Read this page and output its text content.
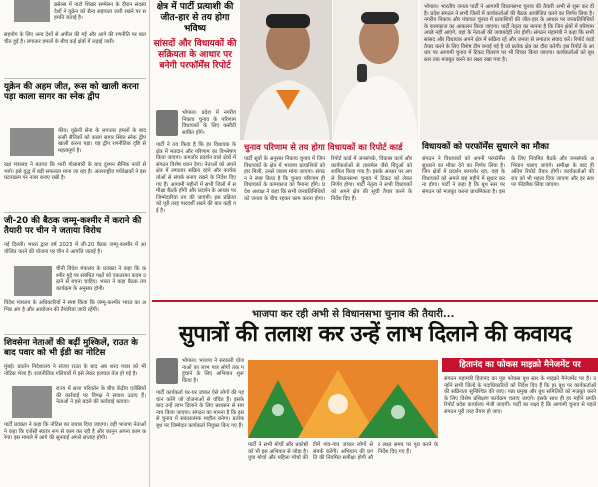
ब्रसेल्स में नाटो शिखर सम्मेलन के दौरान सदस्य देशों ने यूक्रेन को सैन्य सहायता जारी रखने पर सहमति जताई है।
सहयोग के लिए अन्य देशों से अपील की गई और आगे की रणनीति पर बातचीत हुई है। लगातार हमलों के बीच कई क्षेत्रों में लड़ाई जारी।
यूक्रेन की अहम जीत, रूस को खाली करना पड़ा काला सागर का स्नेक द्वीप
कीव। यूक्रेनी सेना के लगातार हमलों के बाद रूसी सैनिकों को काला सागर स्थित स्नेक द्वीप खाली करना पड़ा। यह द्वीप रणनीतिक दृष्टि से महत्वपूर्ण है।
रक्षा मंत्रालय ने बताया कि भारी गोलाबारी के बाद दुश्मन सैनिक नावों से भागे। इसे युद्ध में बड़ी सफलता माना जा रहा है। अंतरराष्ट्रीय पर्यवेक्षकों ने इस घटनाक्रम पर नजर बनाए रखी है।
जी-20 की बैठक जम्मू-कश्मीर में कराने की तैयारी पर चीन ने जताया विरोध
नई दिल्ली। भारत द्वारा वर्ष 2023 में जी-20 बैठक जम्मू-कश्मीर में आयोजित करने की योजना पर चीन ने आपत्ति जताई है।
चीनी विदेश मंत्रालय के प्रवक्ता ने कहा कि कश्मीर मुद्दे पर संबंधित पक्षों को एकतरफा कदम उठाने से बचना चाहिए। भारत ने कहा बैठक तय कार्यक्रम के अनुसार होगी।
विदेश मंत्रालय के अधिकारियों ने स्पष्ट किया कि जम्मू-कश्मीर भारत का अभिन्न अंग है और आयोजन की तैयारियां जारी रहेंगी।
शिवसेना नेताओं की बढ़ीं मुश्किलें, राउत के बाद पवार को भी ईडी का नोटिस
मुंबई। प्रवर्तन निदेशालय ने संजय राउत के बाद अब शरद पवार को भी नोटिस भेजा है। राजनीतिक गलियारों में इसे लेकर हलचल तेज हो गई है।
राज्य में सत्ता परिवर्तन के बीच केंद्रीय एजेंसियों की कार्रवाई पर विपक्ष ने सवाल उठाए हैं। नेताओं ने इसे बदले की कार्रवाई बताया।
पार्टी प्रवक्ता ने कहा कि नोटिस का जवाब दिया जाएगा। वहीं भाजपा नेताओं ने कहा कि एजेंसी स्वतंत्र रूप से काम कर रही है और कानून अपना काम करेगा। इस मामले में आगे की सुनवाई अगले सप्ताह होगी।
क्षेत्र में पार्टी प्रत्याशी की जीत-हार से तय होगा भविष्य
सांसदों और विधायकों की सक्रियता के आधार पर बनेगी परफॉर्मेंस रिपोर्ट
भोपाल। भारतीय जनता पार्टी ने आगामी विधानसभा चुनाव की तैयारी अभी से शुरू कर दी है। प्रदेश संगठन ने सभी जिलों में कार्यकर्ताओं की बैठक आयोजित करने का निर्णय लिया है। नगरीय निकाय और पंचायत चुनाव में प्रत्याशियों की जीत-हार के आधार पर जनप्रतिनिधियों के कामकाज का आकलन किया जाएगा। पार्टी नेतृत्व का मानना है कि जिन क्षेत्रों में परिणाम अच्छे नहीं आएंगे, वहां के नेताओं की जवाबदेही तय होगी। संगठन महामंत्री ने कहा कि सभी सांसद और विधायक अपने क्षेत्र में सक्रिय रहें और जनता से लगातार संवाद करें। रिपोर्ट कार्ड तैयार करने के लिए विशेष टीम बनाई गई है जो प्रत्येक क्षेत्र का दौरा करेगी। इस रिपोर्ट के आधार पर आगामी चुनाव में टिकट वितरण पर भी विचार किया जाएगा। कार्यकर्ताओं को बूथ स्तर तक मजबूत करने का लक्ष्य रखा गया है।
भोपाल। प्रदेश में नगरीय निकाय चुनाव के परिणाम विधायकों के लिए कसौटी साबित होंगे।
पार्टी ने तय किया है कि हर विधायक के क्षेत्र में मतदान और परिणाम का विश्लेषण किया जाएगा। कमजोर प्रदर्शन वाले क्षेत्रों में संगठन विशेष ध्यान देगा। नेताओं को अपने क्षेत्र में लगातार सक्रिय रहने और कार्यकर्ताओं से संपर्क बनाए रखने के निर्देश दिए गए हैं। आगामी महीनों में सभी जिलों में समीक्षा बैठकें होंगी और प्रदर्शन के आधार पर जिम्मेदारियां तय की जाएंगी। इस प्रक्रिया को पूरी तरह पारदर्शी रखने की बात कही गई है।
चुनाव परिणाम से तय होगा विधायकों का रिपोर्ट कार्ड
पार्टी सूत्रों के अनुसार निकाय चुनाव में जिन विधायकों के क्षेत्र में भाजपा प्रत्याशियों को हार मिली, उनसे जवाब मांगा जाएगा। संगठन ने स्पष्ट किया है कि चुनाव परिणाम ही विधायकों के कामकाज का पैमाना होंगे। प्रदेश अध्यक्ष ने कहा कि सभी जनप्रतिनिधियों को जनता के बीच रहकर काम करना होगा। रिपोर्ट कार्ड में जनसंपर्क, विकास कार्य और कार्यकर्ताओं से तालमेल जैसे बिंदुओं को शामिल किया गया है। इसके आधार पर अगले विधानसभा चुनाव में टिकट को लेकर निर्णय होगा। पार्टी नेतृत्व ने सभी विधायकों को अपने क्षेत्र की सूची तैयार करने के निर्देश दिए हैं।
विधायकों को परफॉर्मेंस सुधारने का मौका
संगठन ने विधायकों को अपनी परफॉर्मेंस सुधारने का मौका देने का निर्णय लिया है। जिन क्षेत्रों में प्रदर्शन कमजोर रहा, वहां के विधायकों को अगले छह महीने में सुधार करना होगा। पार्टी ने कहा है कि बूथ स्तर पर संगठन को मजबूत करना प्राथमिकता है। इसके लिए नियमित बैठकें और जनसंपर्क अभियान चलाए जाएंगे। समीक्षा के बाद ही अंतिम रिपोर्ट तैयार होगी। कार्यकर्ताओं की राय को भी महत्व दिया जाएगा और हर स्तर पर फीडबैक लिया जाएगा।
भाजपा कर रही अभी से विधानसभा चुनाव की तैयारी...
सुपात्रों की तलाश कर उन्हें लाभ दिलाने की कवायद
भोपाल। भाजपा ने सरकारी योजनाओं का लाभ पात्र लोगों तक पहुंचाने के लिए अभियान शुरू किया है।
पार्टी कार्यकर्ता घर-घर जाकर ऐसे लोगों की पहचान करेंगे जो योजनाओं से वंचित हैं। इसके बाद उन्हें लाभ दिलाने के लिए प्रशासन से समन्वय किया जाएगा। संगठन का मानना है कि इससे चुनाव में सकारात्मक माहौल बनेगा। प्रत्येक बूथ पर जिम्मेदार कार्यकर्ता नियुक्त किए गए हैं।
पार्टी ने सभी मोर्चों और प्रकोष्ठों को भी इस अभियान से जोड़ा है। युवा मोर्चा और महिला मोर्चा की टीमें गांव-गांव जाकर लोगों से संपर्क करेंगी। अभियान की प्रगति की नियमित समीक्षा होगी और लक्ष्य समय पर पूरा करने के निर्देश दिए गए हैं।
हितानंद का फोकस माइक्रो मैनेजमेंट पर
संगठन महामंत्री हितानंद का पूरा फोकस बूथ स्तर के माइक्रो मैनेजमेंट पर है। उन्होंने सभी जिलों के पदाधिकारियों को निर्देश दिए हैं कि हर बूथ पर कार्यकर्ताओं की सक्रियता सुनिश्चित की जाए। पन्ना प्रमुख और बूथ समितियों को मजबूत करने के लिए विशेष प्रशिक्षण कार्यक्रम चलाए जाएंगे। इसके साथ ही हर महीने प्रगति रिपोर्ट प्रदेश कार्यालय भेजी जाएगी। पार्टी का लक्ष्य है कि आगामी चुनाव से पहले संगठन पूरी तरह तैयार हो जाए।
